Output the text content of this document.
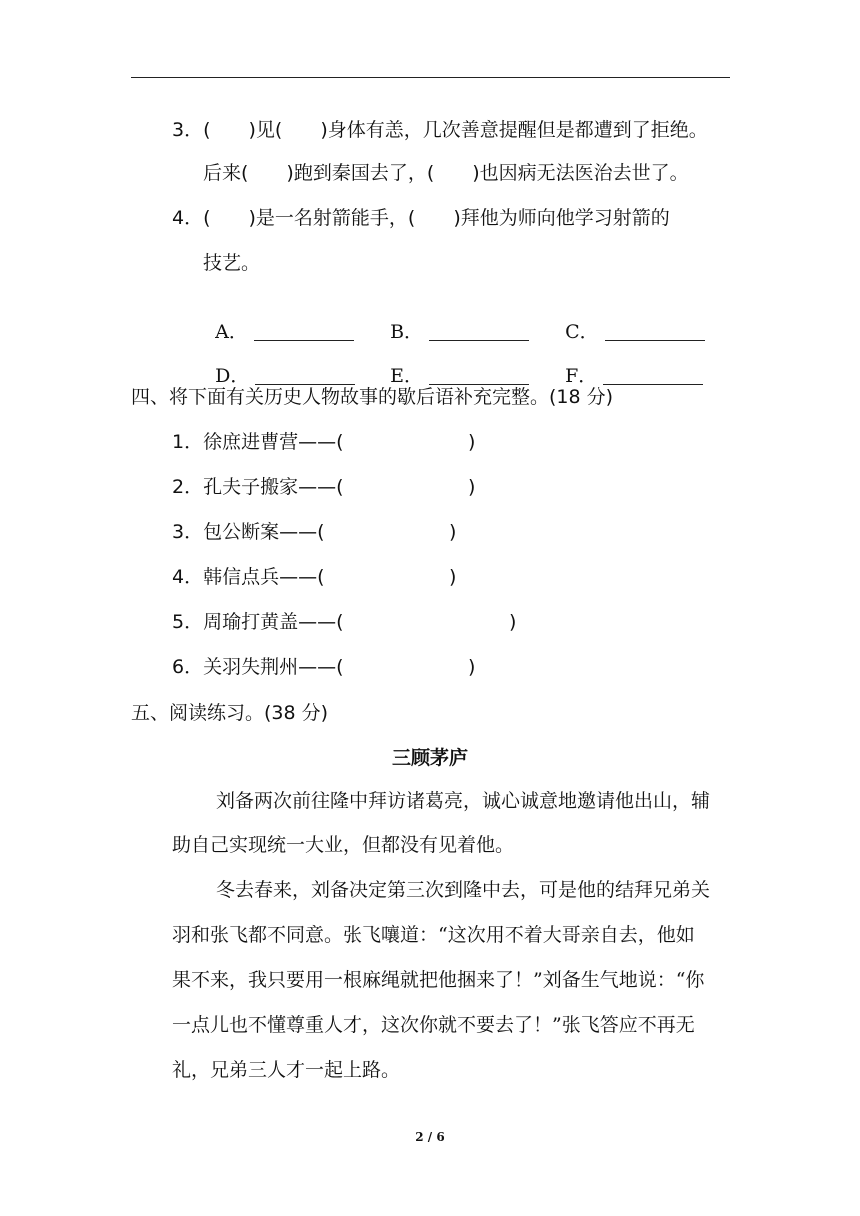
3．(　　)见(　　)身体有恙，几次善意提醒但是都遭到了拒绝。
后来(　　)跑到秦国去了，(　　)也因病无法医治去世了。
4．(　　)是一名射箭能手，(　　)拜他为师向他学习射箭的
技艺。

A．	B．	C．

D．	E．	F．

四、将下面有关历史人物故事的歇后语补充完整。(18 分)
1．徐庶进曹营——(	)
2．孔夫子搬家——(	)
3．包公断案——(	)
4．韩信点兵——(	)
5．周瑜打黄盖——(	)
6．关羽失荆州——(	)
五、阅读练习。(38 分)
三顾茅庐
刘备两次前往隆中拜访诸葛亮，诚心诚意地邀请他出山，辅
助自己实现统一大业，但都没有见着他。
冬去春来，刘备决定第三次到隆中去，可是他的结拜兄弟关
羽和张飞都不同意。张飞嚷道：“这次用不着大哥亲自去，他如
果不来，我只要用一根麻绳就把他捆来了！”刘备生气地说：“你
一点儿也不懂尊重人才，这次你就不要去了！”张飞答应不再无
礼，兄弟三人才一起上路。
2 / 6
